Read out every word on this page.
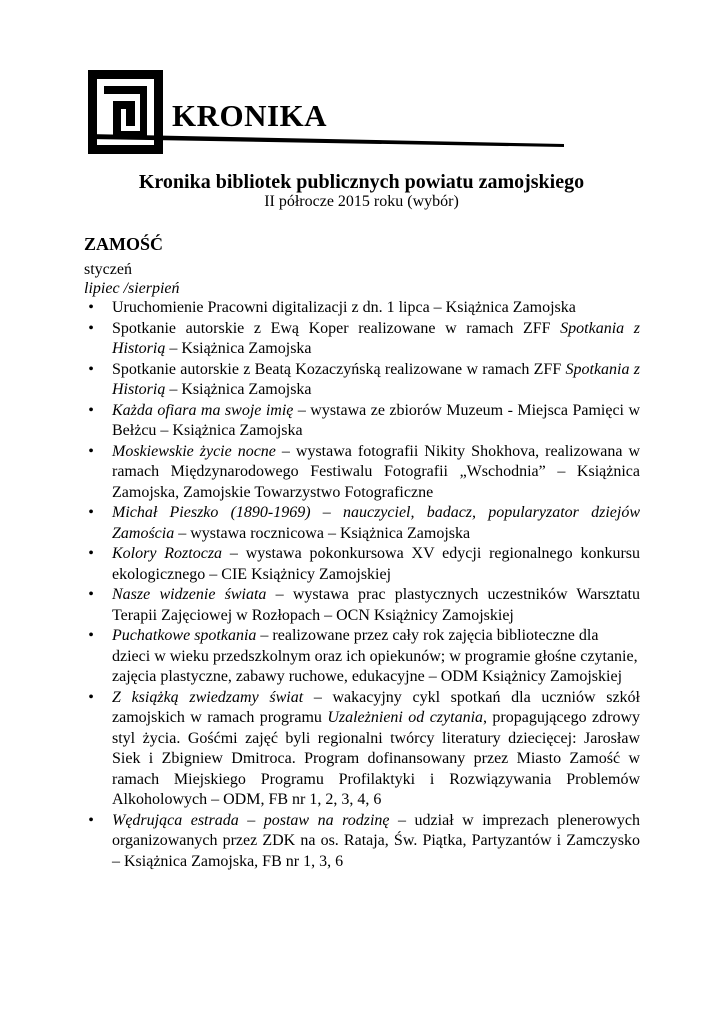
KRONIKA
Kronika bibliotek publicznych powiatu zamojskiego
II półrocze 2015 roku (wybór)
ZAMOŚĆ
styczeń
lipiec /sierpień
• Uruchomienie Pracowni digitalizacji z dn. 1 lipca – Książnica Zamojska
• Spotkanie autorskie z Ewą Koper realizowane w ramach ZFF Spotkania z Historią – Książnica Zamojska
• Spotkanie autorskie z Beatą Kozaczyńską realizowane w ramach ZFF Spotkania z Historią – Książnica Zamojska
• Każda ofiara ma swoje imię – wystawa ze zbiorów Muzeum - Miejsca Pamięci w Bełżcu – Książnica Zamojska
• Moskiewskie życie nocne – wystawa fotografii Nikity Shokhova, realizowana w ramach Międzynarodowego Festiwalu Fotografii „Wschodnia” – Książnica Zamojska, Zamojskie Towarzystwo Fotograficzne
• Michał Pieszko (1890-1969) – nauczyciel, badacz, popularyzator dziejów Zamościa – wystawa rocznicowa – Książnica Zamojska
• Kolory Roztocza – wystawa pokonkursowa XV edycji regionalnego konkursu ekologicznego – CIE Książnicy Zamojskiej
• Nasze widzenie świata – wystawa prac plastycznych uczestników Warsztatu Terapii Zajęciowej w Rozłopach – OCN Książnicy Zamojskiej
• Puchatkowe spotkania – realizowane przez cały rok zajęcia biblioteczne dla dzieci w wieku przedszkolnym oraz ich opiekunów; w programie głośne czytanie, zajęcia plastyczne, zabawy ruchowe, edukacyjne – ODM Książnicy Zamojskiej
• Z książką zwiedzamy świat – wakacyjny cykl spotkań dla uczniów szkół zamojskich w ramach programu Uzależnieni od czytania, propagującego zdrowy styl życia. Gośćmi zajęć byli regionalni twórcy literatury dziecięcej: Jarosław Siek i Zbigniew Dmitroca. Program dofinansowany przez Miasto Zamość w ramach Miejskiego Programu Profilaktyki i Rozwiązywania Problemów Alkoholowych – ODM, FB nr 1, 2, 3, 4, 6
• Wędrująca estrada – postaw na rodzinę – udział w imprezach plenerowych organizowanych przez ZDK na os. Rataja, Św. Piątka, Partyzantów i Zamczysko – Książnica Zamojska, FB nr 1, 3, 6
